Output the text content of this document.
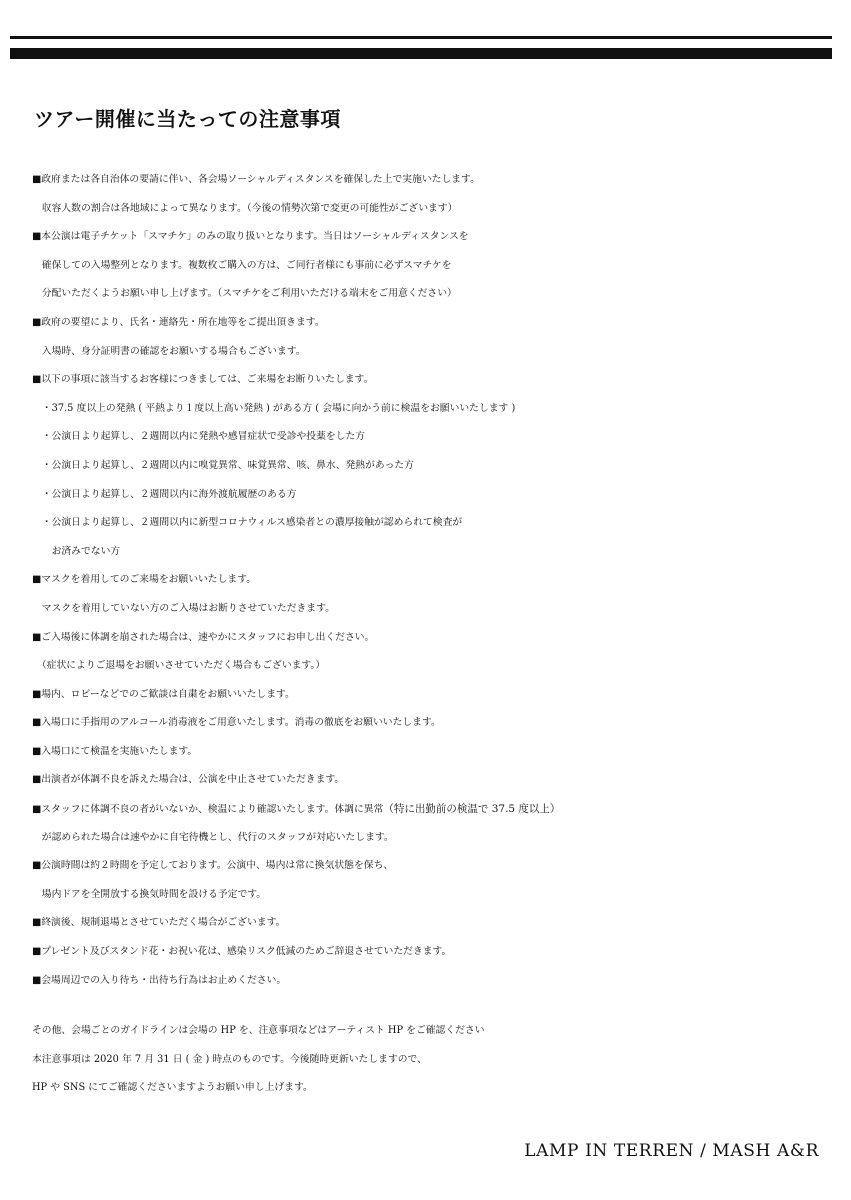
ツアー開催に当たっての注意事項
■政府または各自治体の要請に伴い、各会場ソーシャルディスタンスを確保した上で実施いたします。
　収容人数の割合は各地域によって異なります。（今後の情勢次第で変更の可能性がございます）
■本公演は電子チケット「スマチケ」のみの取り扱いとなります。当日はソーシャルディスタンスを
　確保しての入場整列となります。複数枚ご購入の方は、ご同行者様にも事前に必ずスマチケを
　分配いただくようお願い申し上げます。（スマチケをご利用いただける端末をご用意ください）
■政府の要望により、氏名・連絡先・所在地等をご提出頂きます。
　入場時、身分証明書の確認をお願いする場合もございます。
■以下の事項に該当するお客様につきましては、ご来場をお断りいたします。
　・37.5 度以上の発熱 ( 平熱より１度以上高い発熱 ) がある方 ( 会場に向かう前に検温をお願いいたします )
　・公演日より起算し、２週間以内に発熱や感冒症状で受診や投薬をした方
　・公演日より起算し、２週間以内に嗅覚異常、味覚異常、咳、鼻水、発熱があった方
　・公演日より起算し、２週間以内に海外渡航履歴のある方
　・公演日より起算し、２週間以内に新型コロナウィルス感染者との濃厚接触が認められて検査が
　　お済みでない方
■マスクを着用してのご来場をお願いいたします。
　マスクを着用していない方のご入場はお断りさせていただきます。
■ご入場後に体調を崩された場合は、速やかにスタッフにお申し出ください。
　（症状によりご退場をお願いさせていただく場合もございます。）
■場内、ロビーなどでのご歓談は自粛をお願いいたします。
■入場口に手指用のアルコール消毒液をご用意いたします。消毒の徹底をお願いいたします。
■入場口にて検温を実施いたします。
■出演者が体調不良を訴えた場合は、公演を中止させていただきます。
■スタッフに体調不良の者がいないか、検温により確認いたします。体調に異常（特に出勤前の検温で 37.5 度以上）
　が認められた場合は速やかに自宅待機とし、代行のスタッフが対応いたします。
■公演時間は約２時間を予定しております。公演中、場内は常に換気状態を保ち、
　場内ドアを全開放する換気時間を設ける予定です。
■終演後、規制退場とさせていただく場合がございます。
■プレゼント及びスタンド花・お祝い花は、感染リスク低減のためご辞退させていただきます。
■会場周辺での入り待ち・出待ち行為はお止めください。
その他、会場ごとのガイドラインは会場の HP を、注意事項などはアーティスト HP をご確認ください
本注意事項は 2020 年 7 月 31 日 ( 金 ) 時点のものです。今後随時更新いたしますので、
HP や SNS にてご確認くださいますようお願い申し上げます。
LAMP IN TERREN / MASH A&R
